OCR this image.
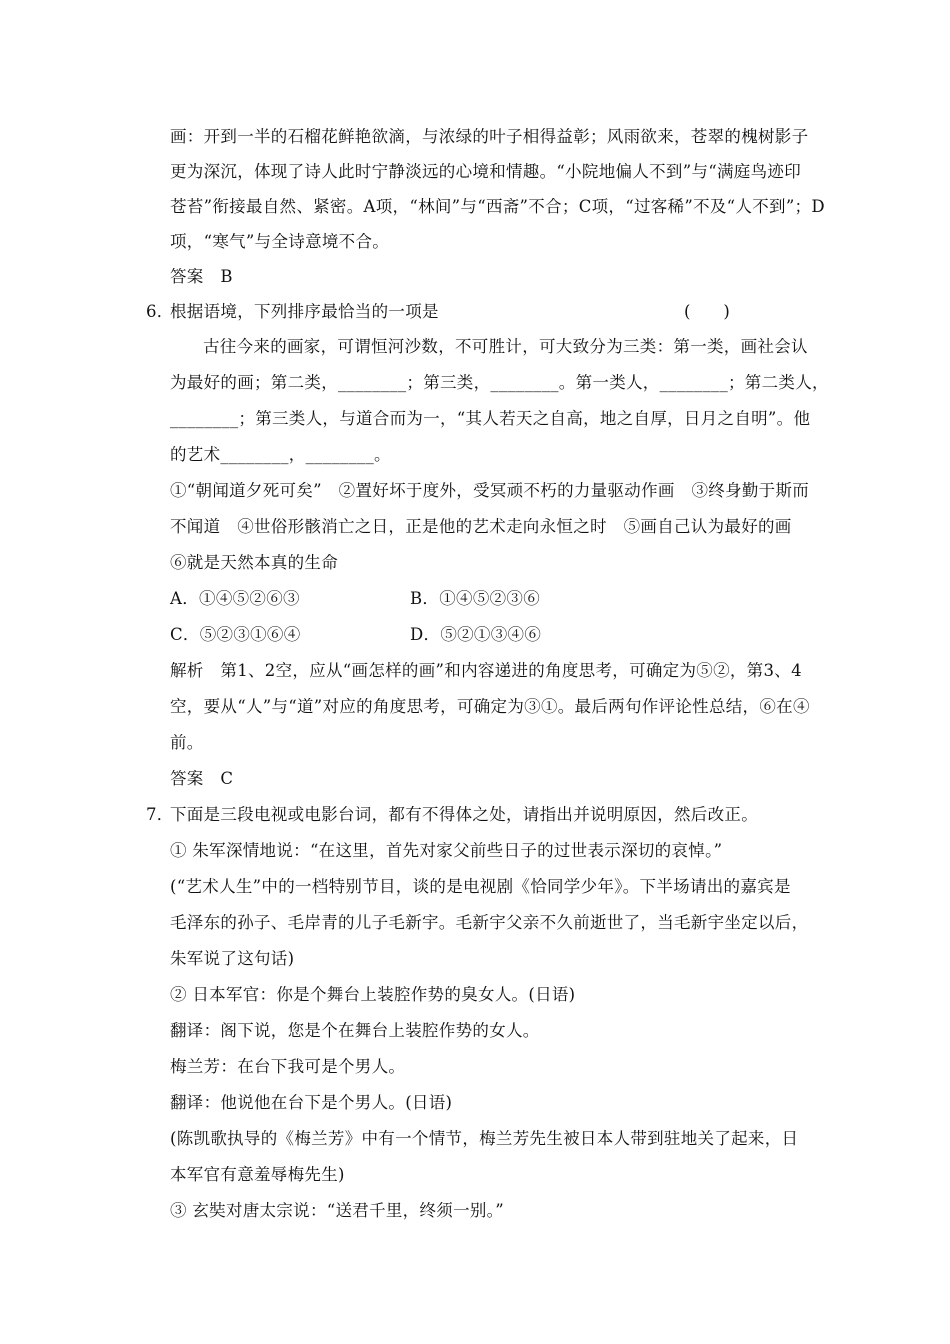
画：开到一半的石榴花鲜艳欲滴，与浓绿的叶子相得益彰；风雨欲来，苍翠的槐树影子
更为深沉，体现了诗人此时宁静淡远的心境和情趣。“小院地偏人不到”与“满庭鸟迹印
苍苔”衔接最自然、紧密。A项，“林间”与“西斋”不合；C项，“过客稀”不及“人不到”；D
项，“寒气”与全诗意境不合。
答案　B
6．
根据语境，下列排序最恰当的一项是	(　　)
古往今来的画家，可谓恒河沙数，不可胜计，可大致分为三类：第一类，画社会认
为最好的画；第二类，________；第三类，________。第一类人，________；第二类人，
________；第三类人，与道合而为一，“其人若天之自高，地之自厚，日月之自明”。他
的艺术________，________。
①“朝闻道夕死可矣”　②置好坏于度外，受冥顽不朽的力量驱动作画　③终身勤于斯而
不闻道　④世俗形骸消亡之日，正是他的艺术走向永恒之时　⑤画自己认为最好的画
⑥就是天然本真的生命
A．①④⑤②⑥③	B．①④⑤②③⑥
C．⑤②③①⑥④	D．⑤②①③④⑥
解析　第1、2空，应从“画怎样的画”和内容递进的角度思考，可确定为⑤②，第3、4
空，要从“人”与“道”对应的角度思考，可确定为③①。最后两句作评论性总结，⑥在④
前。
答案　C
7．
下面是三段电视或电影台词，都有不得体之处，请指出并说明原因，然后改正。
① 朱军深情地说：“在这里，首先对家父前些日子的过世表示深切的哀悼。”
(“艺术人生”中的一档特别节目，谈的是电视剧《恰同学少年》。下半场请出的嘉宾是
毛泽东的孙子、毛岸青的儿子毛新宇。毛新宇父亲不久前逝世了，当毛新宇坐定以后，
朱军说了这句话)
② 日本军官：你是个舞台上装腔作势的臭女人。(日语)
翻译：阁下说，您是个在舞台上装腔作势的女人。
梅兰芳：在台下我可是个男人。
翻译：他说他在台下是个男人。(日语)
(陈凯歌执导的《梅兰芳》中有一个情节，梅兰芳先生被日本人带到驻地关了起来，日
本军官有意羞辱梅先生)
③ 玄奘对唐太宗说：“送君千里，终须一别。”
